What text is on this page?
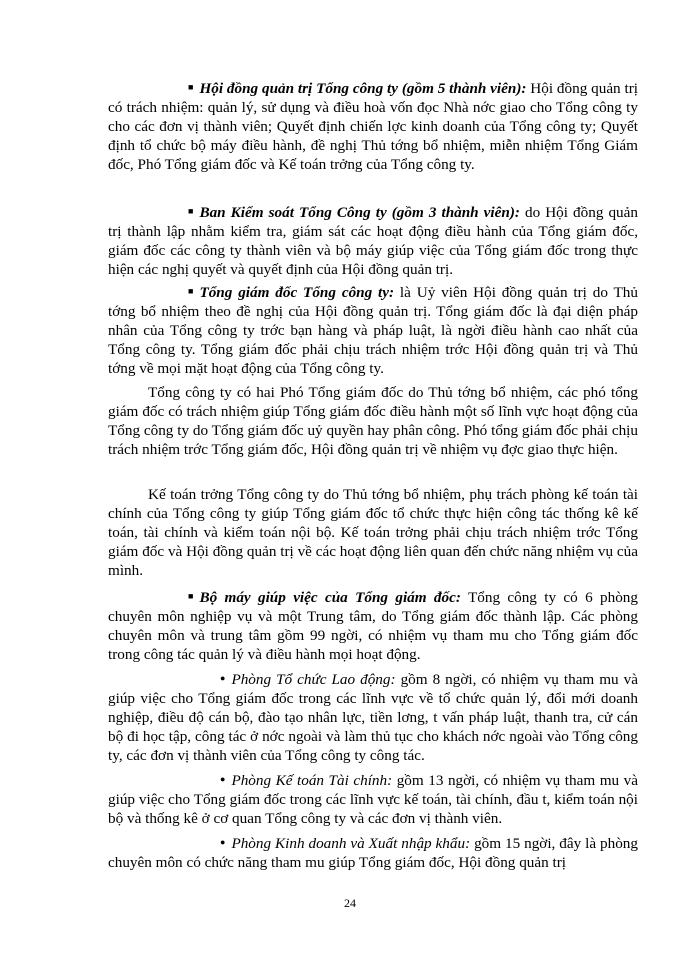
■ Hội đồng quản trị Tổng công ty (gồm 5 thành viên): Hội đồng quản trị có trách nhiệm: quản lý, sử dụng và điều hoà vốn đọc Nhà nớc giao cho Tổng công ty cho các đơn vị thành viên; Quyết định chiến lợc kinh doanh của Tổng công ty; Quyết định tổ chức bộ máy điều hành, đề nghị Thủ tớng bổ nhiệm, miễn nhiệm Tổng Giám đốc, Phó Tổng giám đốc và Kế toán trởng của Tổng công ty.

■ Ban Kiểm soát Tổng Công ty (gồm 3 thành viên): do Hội đồng quản trị thành lập nhằm kiểm tra, giám sát các hoạt động điều hành của Tổng giám đốc, giám đốc các công ty thành viên và bộ máy giúp việc của Tổng giám đốc trong thực hiện các nghị quyết và quyết định của Hội đồng quản trị.

■ Tổng giám đốc Tổng công ty: là Uỷ viên Hội đồng quản trị do Thủ tớng bổ nhiệm theo đề nghị của Hội đồng quản trị. Tổng giám đốc là đại diện pháp nhân của Tổng công ty trớc bạn hàng và pháp luật, là ngời điều hành cao nhất của Tổng công ty. Tổng giám đốc phải chịu trách nhiệm trớc Hội đồng quản trị và Thủ tớng về mọi mặt hoạt động của Tổng công ty.

Tổng công ty có hai Phó Tổng giám đốc do Thủ tớng bổ nhiệm, các phó tổng giám đốc có trách nhiệm giúp Tổng giám đốc điều hành một số lĩnh vực hoạt động của Tổng công ty do Tổng giám đốc uỷ quyền hay phân công. Phó tổng giám đốc phải chịu trách nhiệm trớc Tổng giám đốc, Hội đồng quản trị về nhiệm vụ đợc giao thực hiện.

Kế toán trởng Tổng công ty do Thủ tớng bổ nhiệm, phụ trách phòng kế toán tài chính của Tổng công ty giúp Tổng giám đốc tổ chức thực hiện công tác thống kê kế toán, tài chính và kiểm toán nội bộ. Kế toán trởng phải chịu trách nhiệm trớc Tổng giám đốc và Hội đồng quản trị về các hoạt động liên quan đến chức năng nhiệm vụ của mình.

■ Bộ máy giúp việc của Tổng giám đốc: Tổng công ty có 6 phòng chuyên môn nghiệp vụ và một Trung tâm, do Tổng giám đốc thành lập. Các phòng chuyên môn và trung tâm gồm 99 ngời, có nhiệm vụ tham mu cho Tổng giám đốc trong công tác quản lý và điều hành mọi hoạt động.

● Phòng Tổ chức Lao động: gồm 8 ngời, có nhiệm vụ tham mu và giúp việc cho Tổng giám đốc trong các lĩnh vực về tổ chức quản lý, đổi mới doanh nghiệp, điều độ cán bộ, đào tạo nhân lực, tiền lơng, t vấn pháp luật, thanh tra, cử cán bộ đi học tập, công tác ở nớc ngoài và làm thủ tục cho khách nớc ngoài vào Tổng công ty, các đơn vị thành viên của Tổng công ty công tác.

● Phòng Kế toán Tài chính: gồm 13 ngời, có nhiệm vụ tham mu và giúp việc cho Tổng giám đốc trong các lĩnh vực kế toán, tài chính, đầu t, kiểm toán nội bộ và thống kê ở cơ quan Tổng công ty và các đơn vị thành viên.

● Phòng Kinh doanh và Xuất nhập khẩu: gồm 15 ngời, đây là phòng chuyên môn có chức năng tham mu giúp Tổng giám đốc, Hội đồng quản trị

24
